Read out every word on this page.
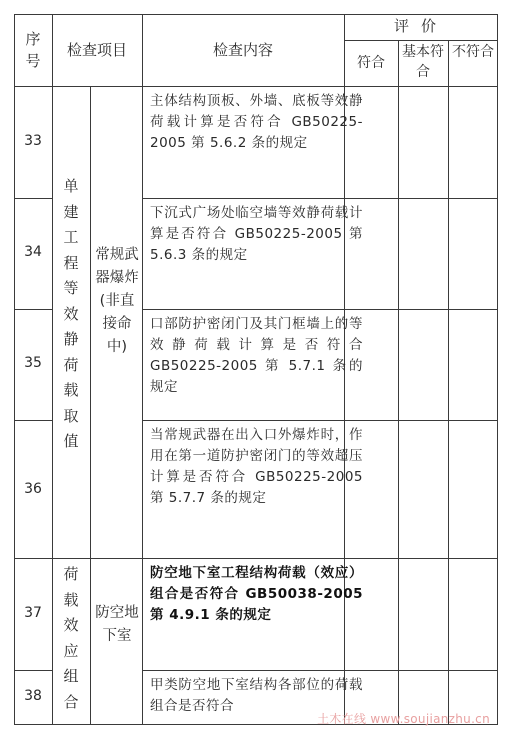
序号
检查项目	检查内容
评价
符合
基本符合
不符合
33
34
35
36
37
38
单
建
工
程
等
效
静
荷
载
取
值
荷
载
效
应
组
合
常规武器爆炸(非直接命中)
防空地下室
主体结构顶板、外墙、底板等效静荷载计算是否符合 GB50225-2005 第 5.6.2 条的规定
下沉式广场处临空墙等效静荷载计算是否符合 GB50225-2005 第 5.6.3 条的规定
口部防护密闭门及其门框墙上的等效静荷载计算是否符合 GB50225-2005 第 5.7.1 条的规定
当常规武器在出入口外爆炸时，作用在第一道防护密闭门的等效超压计算是否符合 GB50225-2005 第 5.7.7 条的规定
防空地下室工程结构荷载（效应）组合是否符合 GB50038-2005 第 4.9.1 条的规定
甲类防空地下室结构各部位的荷载组合是否符合
土木在线 www.soujianzhu.cn
